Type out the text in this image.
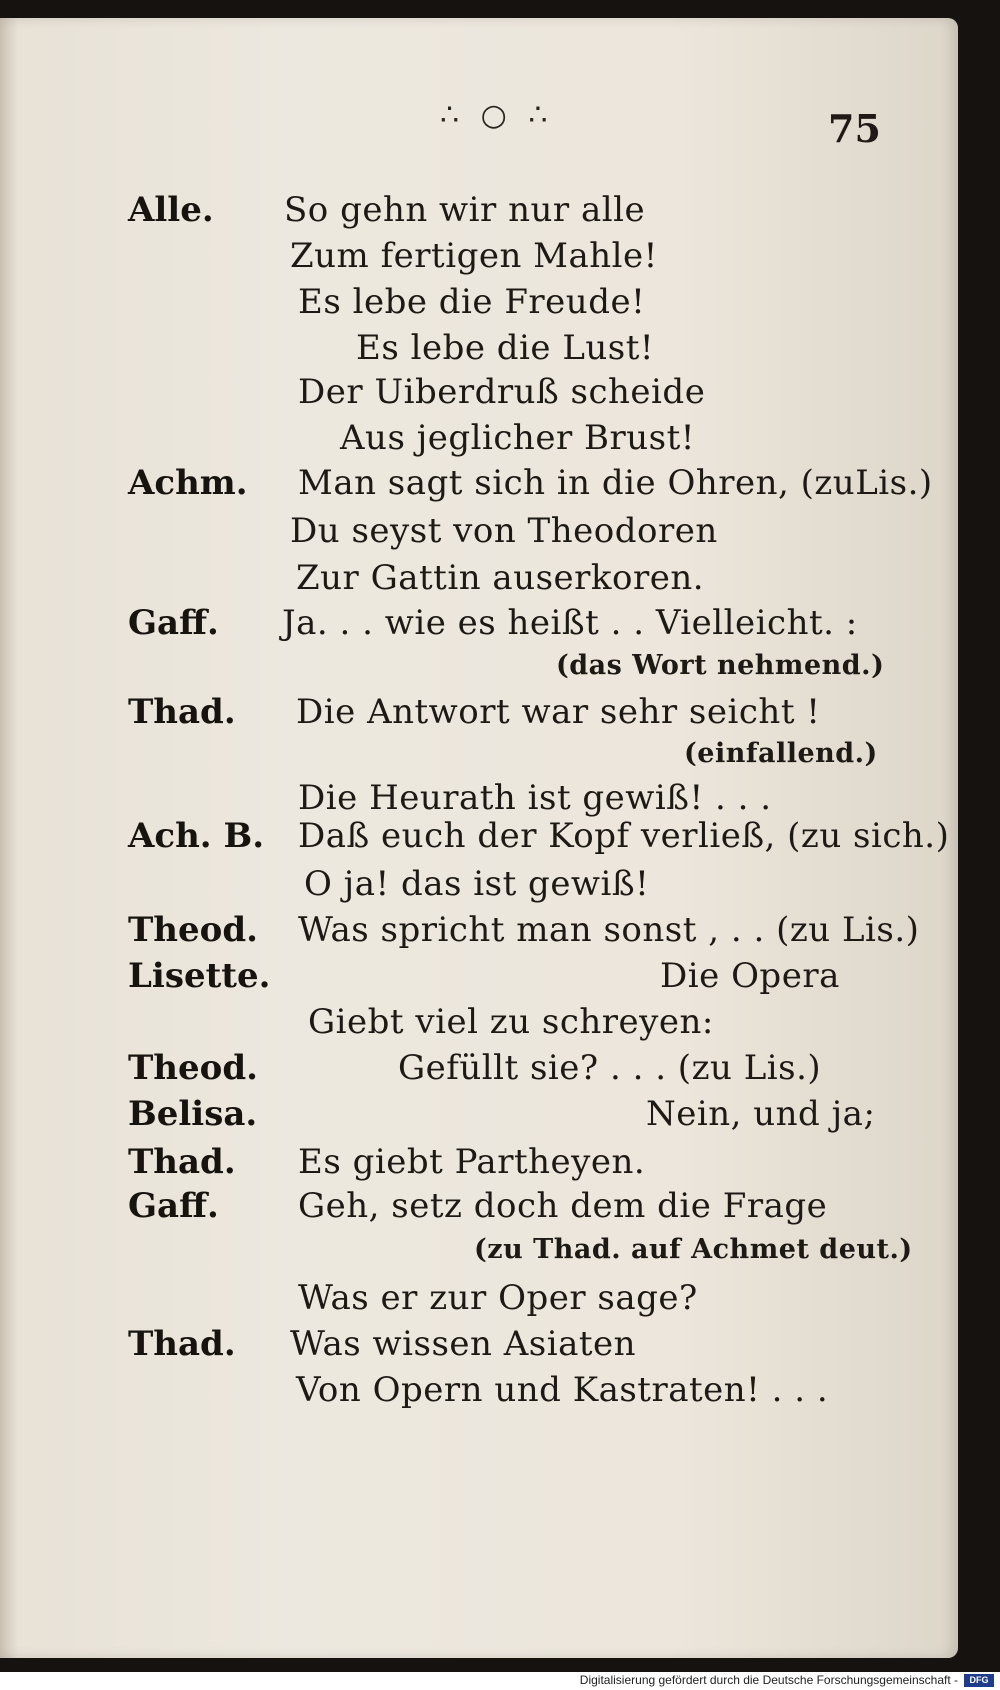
∴ ○ ∴	75
Alle.
Achm.
Gaff.
Thad.
Ach. B.
Theod.
Lisette.
Theod.
Belisa.
Thad.
Gaff.
Thad.
So gehn wir nur alle
Zum fertigen Mahle!
Es lebe die Freude!
Es lebe die Lust!
Der Uiberdruß scheide
Aus jeglicher Brust!
Man sagt sich in die Ohren, (zuLis.)
Du seyst von Theodoren
Zur Gattin auserkoren.
Ja. . . wie es heißt . . Vielleicht. :
(das Wort nehmend.)
Die Antwort war sehr seicht !
(einfallend.)
Die Heurath ist gewiß! . . .
Daß euch der Kopf verließ, (zu sich.)
O ja! das ist gewiß!
Was spricht man sonst , . . (zu Lis.)
Die Opera
Giebt viel zu schreyen:
Gefüllt sie? . . . (zu Lis.)
Nein, und ja;
Es giebt Partheyen.
Geh, setz doch dem die Frage
(zu Thad. auf Achmet deut.)
Was er zur Oper sage?
Was wissen Asiaten
Von Opern und Kastraten! . . .
Digitalisierung gefördert durch die Deutsche Forschungsgemeinschaft -	DFG
